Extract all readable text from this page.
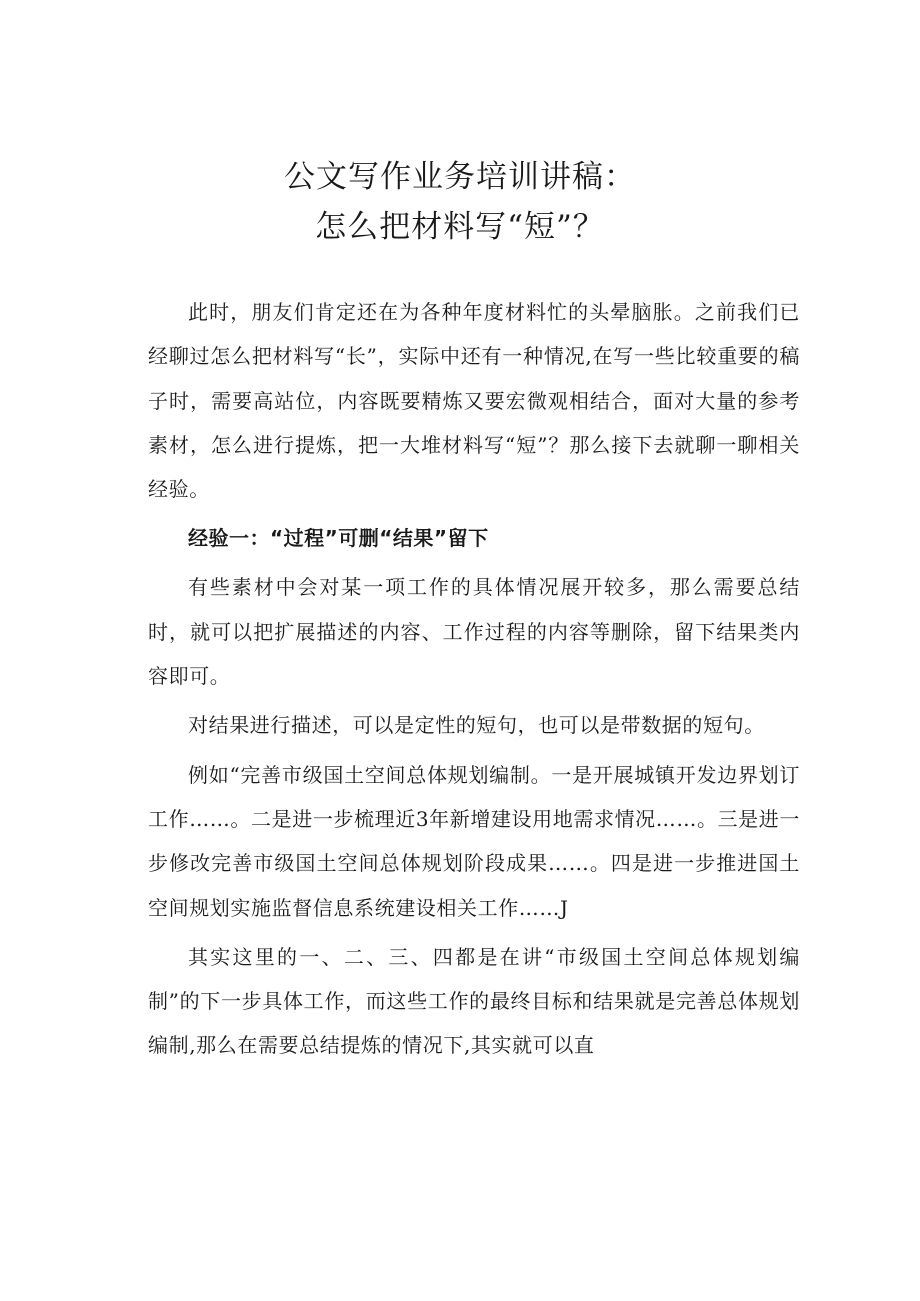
公文写作业务培训讲稿：
怎么把材料写“短”？

此时，朋友们肯定还在为各种年度材料忙的头晕脑胀。之前我们已经聊过怎么把材料写“长”，实际中还有一种情况,在写一些比较重要的稿子时，需要高站位，内容既要精炼又要宏微观相结合，面对大量的参考素材，怎么进行提炼，把一大堆材料写“短”？那么接下去就聊一聊相关经验。

经验一：“过程”可删“结果”留下

有些素材中会对某一项工作的具体情况展开较多，那么需要总结时，就可以把扩展描述的内容、工作过程的内容等删除，留下结果类内容即可。

对结果进行描述，可以是定性的短句，也可以是带数据的短句。

例如“完善市级国土空间总体规划编制。一是开展城镇开发边界划订工作……。二是进一步梳理近3年新增建设用地需求情况……。三是进一步修改完善市级国土空间总体规划阶段成果……。四是进一步推进国土空间规划实施监督信息系统建设相关工作……J

其实这里的一、二、三、四都是在讲“市级国土空间总体规划编制”的下一步具体工作，而这些工作的最终目标和结果就是完善总体规划编制,那么在需要总结提炼的情况下,其实就可以直
